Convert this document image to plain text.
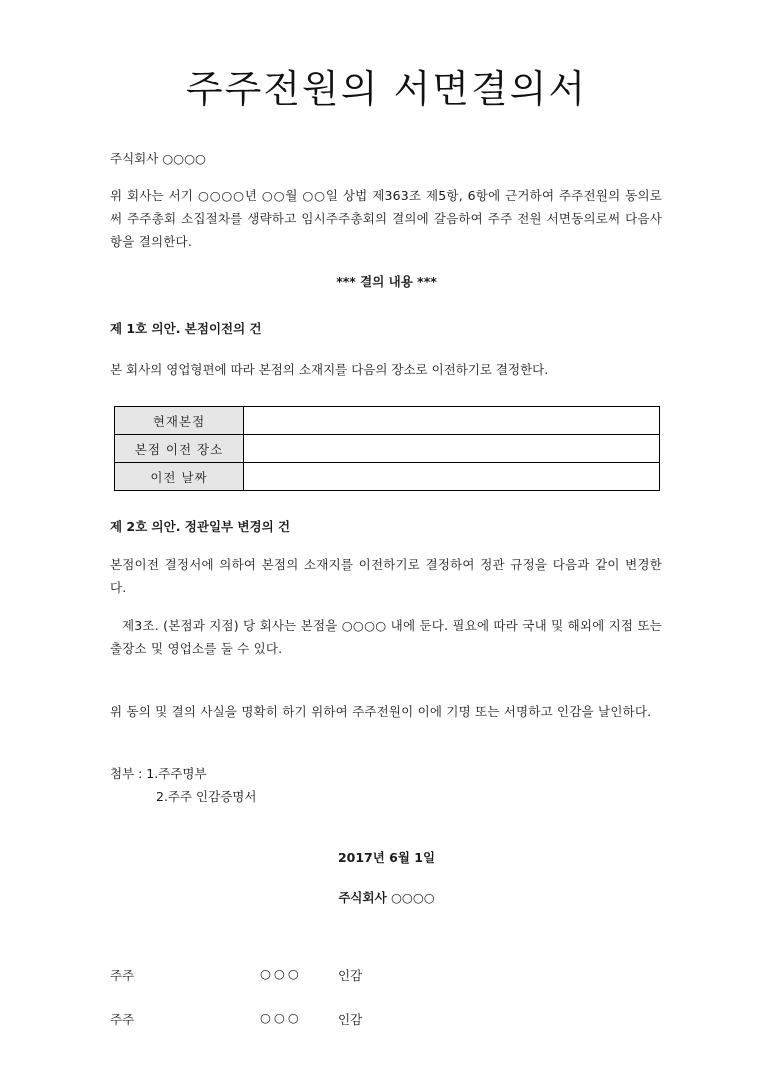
주주전원의 서면결의서
주식회사 ○○○○
위 회사는 서기 ○○○○년 ○○월 ○○일 상법 제363조 제5항, 6항에 근거하여 주주전원의 동의로써 주주총회 소집절차를 생략하고 임시주주총회의 결의에 갈음하여 주주 전원 서면동의로써 다음사항을 결의한다.
*** 결의 내용 ***
제 1호 의안. 본점이전의 건
본 회사의 영업형편에 따라 본점의 소재지를 다음의 장소로 이전하기로 결정한다.
현재본점	
본점 이전 장소	
이전 날짜	
제 2호 의안. 정관일부 변경의 건
본점이전 결정서에 의하여 본점의 소재지를 이전하기로 결정하여 정관 규정을 다음과 같이 변경한다.
제3조. (본점과 지점) 당 회사는 본점을 ○○○○ 내에 둔다. 필요에 따라 국내 및 해외에 지점 또는 출장소 및 영업소를 둘 수 있다.
위 동의 및 결의 사실을 명확히 하기 위하여 주주전원이 이에 기명 또는 서명하고 인감을 날인하다.
첨부 : 1.주주명부
2.주주 인감증명서
2017년 6월 1일
주식회사 ○○○○
주주	○○○	인감
주주	○○○	인감
